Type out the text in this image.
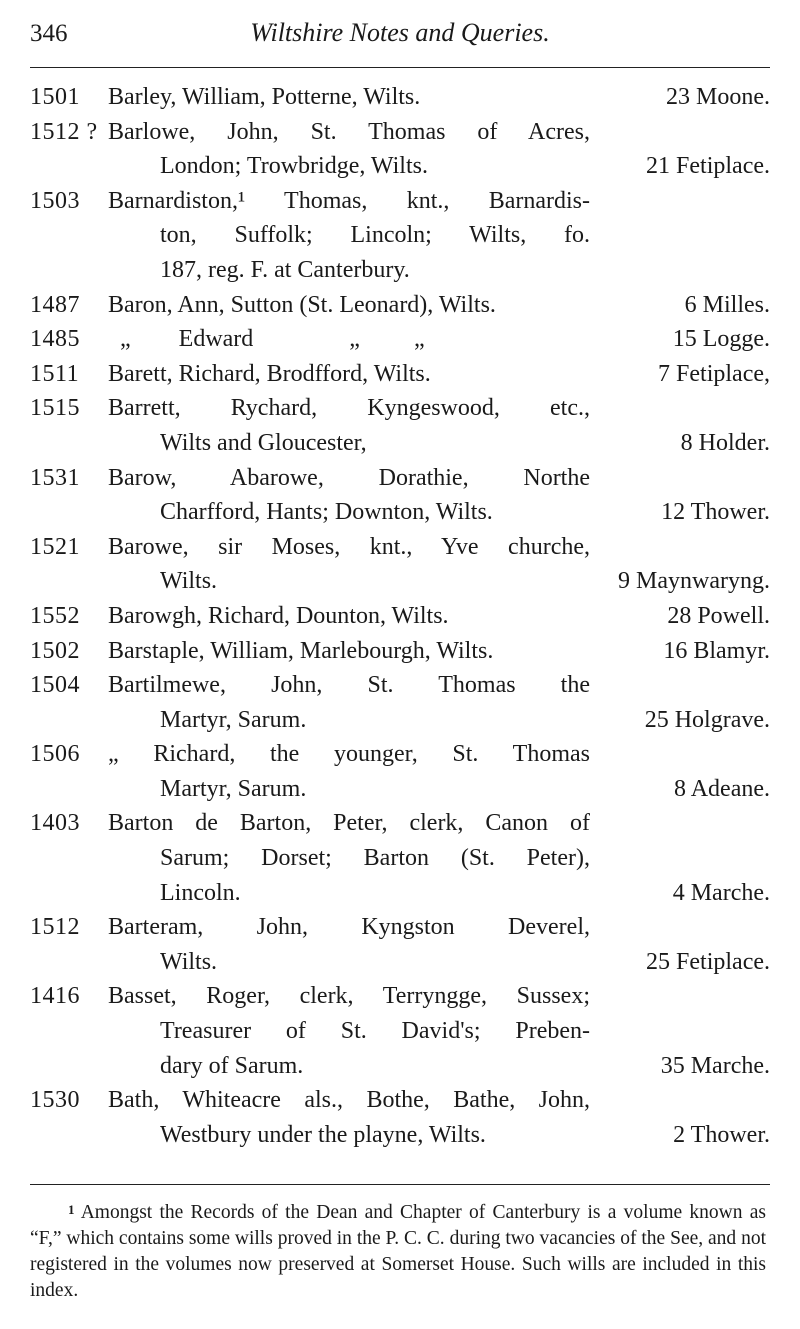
346	Wiltshire Notes and Queries.
1501	Barley, William, Potterne, Wilts.	23 Moone.
1512 ? Barlowe, John, St. Thomas of Acres,
London; Trowbridge, Wilts.	21 Fetiplace.
1503	Barnardiston,¹ Thomas, knt., Barnardis-
ton, Suffolk; Lincoln; Wilts, fo.
187, reg. F. at Canterbury.
1487	Baron, Ann, Sutton (St. Leonard), Wilts.	6 Milles.
1485	„        Edward                „         „	15 Logge.
1511	Barett, Richard, Brodfford, Wilts.	7 Fetiplace,
1515	Barrett, Rychard, Kyngeswood, etc.,
Wilts and Gloucester,	8 Holder.
1531	Barow, Abarowe, Dorathie, Northe
Charfford, Hants; Downton, Wilts.	12 Thower.
1521	Barowe, sir Moses, knt., Yve churche,
Wilts.	9 Maynwaryng.
1552	Barowgh, Richard, Dounton, Wilts.	28 Powell.
1502	Barstaple, William, Marlebourgh, Wilts.	16 Blamyr.
1504	Bartilmewe, John, St. Thomas the
Martyr, Sarum.	25 Holgrave.
1506	„ Richard, the younger, St. Thomas
Martyr, Sarum.	8 Adeane.
1403	Barton de Barton, Peter, clerk, Canon of
Sarum; Dorset; Barton (St. Peter),
Lincoln.	4 Marche.
1512	Barteram, John, Kyngston Deverel,
Wilts.	25 Fetiplace.
1416	Basset, Roger, clerk, Terryngge, Sussex;
Treasurer of St. David's; Preben-
dary of Sarum.	35 Marche.
1530	Bath, Whiteacre als., Bothe, Bathe, John,
Westbury under the playne, Wilts.	2 Thower.
$^1$ Amongst the Records of the Dean and Chapter of Canterbury is a volume known as “F,” which contains some wills proved in the P. C. C. during two vacancies of the See, and not registered in the volumes now preserved at Somerset House. Such wills are included in this index.
